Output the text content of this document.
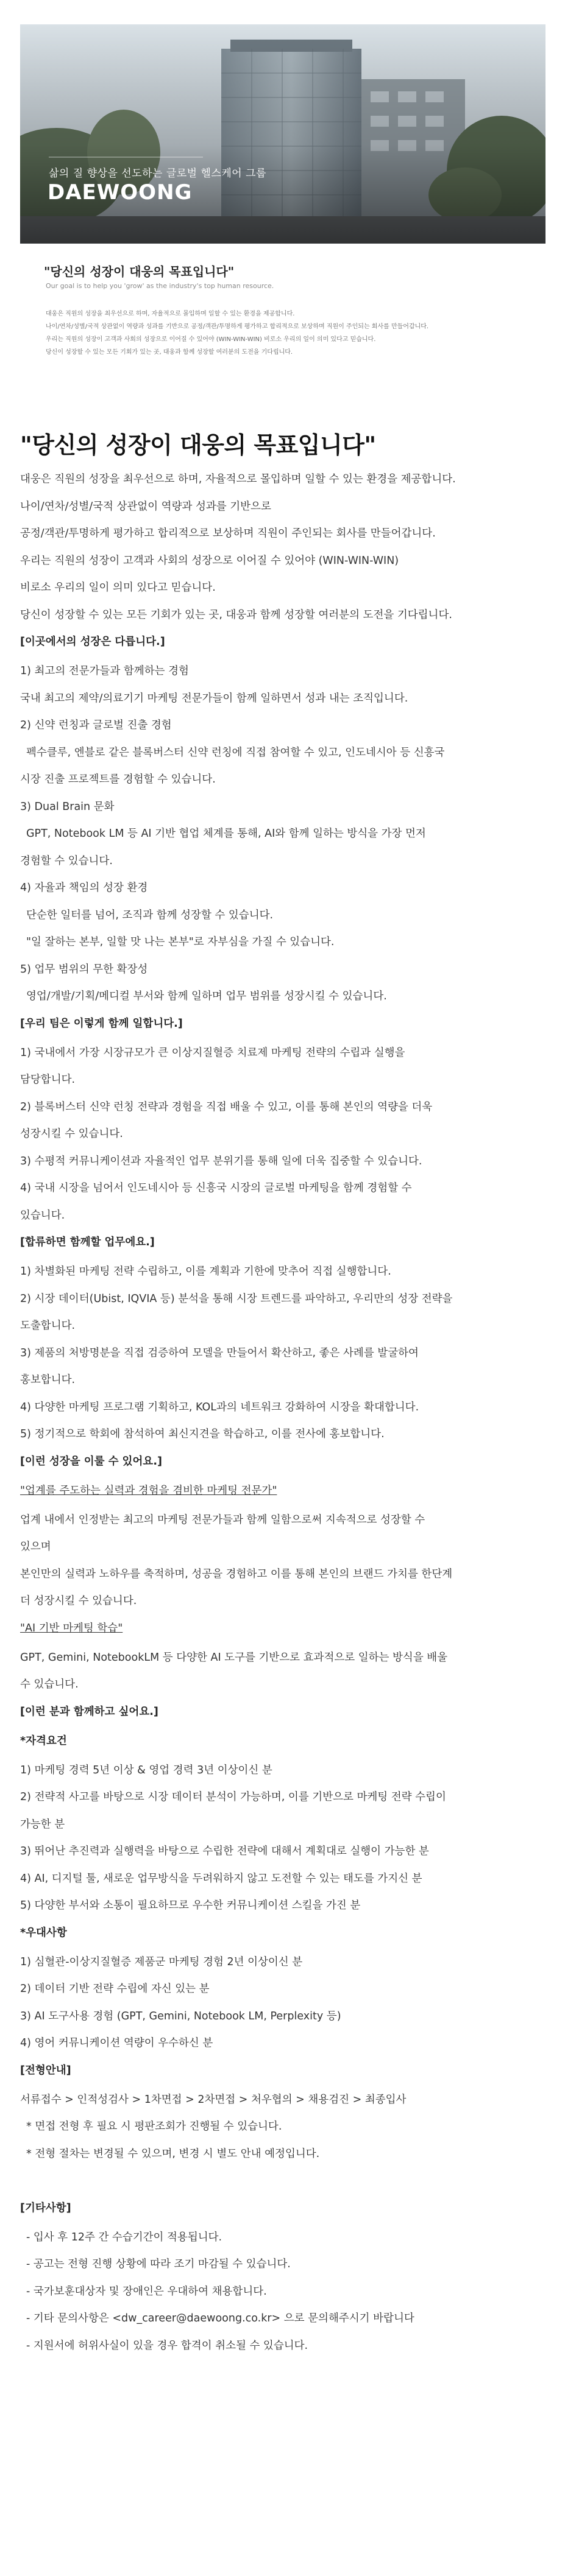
삶의 질 향상을 선도하는 글로벌 헬스케어 그룹
DAEWOONG
"당신의 성장이 대웅의 목표입니다"
Our goal is to help you 'grow' as the industry's top human resource.
대웅은 직원의 성장을 최우선으로 하며, 자율적으로 몰입하며 일할 수 있는 환경을 제공합니다.
나이/연차/성별/국적 상관없이 역량과 성과를 기반으로 공정/객관/투명하게 평가하고 합리적으로 보상하며 직원이 주인되는 회사를 만들어갑니다.
우리는 직원의 성장이 고객과 사회의 성장으로 이어질 수 있어야 (WIN-WIN-WIN) 비로소 우리의 일이 의미 있다고 믿습니다.
당신이 성장할 수 있는 모든 기회가 있는 곳, 대웅과 함께 성장할 여러분의 도전을 기다립니다.
"당신의 성장이 대웅의 목표입니다"
대웅은 직원의 성장을 최우선으로 하며, 자율적으로 몰입하며 일할 수 있는 환경을 제공합니다.
나이/연차/성별/국적 상관없이 역량과 성과를 기반으로
공정/객관/투명하게 평가하고 합리적으로 보상하며 직원이 주인되는 회사를 만들어갑니다.
우리는 직원의 성장이 고객과 사회의 성장으로 이어질 수 있어야 (WIN-WIN-WIN)
비로소 우리의 일이 의미 있다고 믿습니다.
당신이 성장할 수 있는 모든 기회가 있는 곳, 대웅과 함께 성장할 여러분의 도전을 기다립니다.
[이곳에서의 성장은 다릅니다.]
1) 최고의 전문가들과 함께하는 경험
국내 최고의 제약/의료기기 마케팅 전문가들이 함께 일하면서 성과 내는 조직입니다.
2) 신약 런칭과 글로벌 진출 경험
펙수클루, 엔블로 같은 블록버스터 신약 런칭에 직접 참여할 수 있고, 인도네시아 등 신흥국
시장 진출 프로젝트를 경험할 수 있습니다.
3) Dual Brain 문화
GPT, Notebook LM 등 AI 기반 협업 체계를 통해, AI와 함께 일하는 방식을 가장 먼저
경험할 수 있습니다.
4) 자율과 책임의 성장 환경
단순한 일터를 넘어, 조직과 함께 성장할 수 있습니다.
"일 잘하는 본부, 일할 맛 나는 본부"로 자부심을 가질 수 있습니다.
5) 업무 범위의 무한 확장성
영업/개발/기획/메디컬 부서와 함께 일하며 업무 범위를 성장시킬 수 있습니다.
[우리 팀은 이렇게 함께 일합니다.]
1) 국내에서 가장 시장규모가 큰 이상지질혈증 치료제 마케팅 전략의 수립과 실행을
담당합니다.
2) 블록버스터 신약 런칭 전략과 경험을 직접 배울 수 있고, 이를 통해 본인의 역량을 더욱
성장시킬 수 있습니다.
3) 수평적 커뮤니케이션과 자율적인 업무 분위기를 통해 일에 더욱 집중할 수 있습니다.
4) 국내 시장을 넘어서 인도네시아 등 신흥국 시장의 글로벌 마케팅을 함께 경험할 수
있습니다.
[합류하면 함께할 업무에요.]
1) 차별화된 마케팅 전략 수립하고, 이를 계획과 기한에 맞추어 직접 실행합니다.
2) 시장 데이터(Ubist, IQVIA 등) 분석을 통해 시장 트렌드를 파악하고, 우리만의 성장 전략을
도출합니다.
3) 제품의 처방명분을 직접 검증하여 모델을 만들어서 확산하고, 좋은 사례를 발굴하여
홍보합니다.
4) 다양한 마케팅 프로그램 기획하고, KOL과의 네트워크 강화하여 시장을 확대합니다.
5) 정기적으로 학회에 참석하여 최신지견을 학습하고, 이를 전사에 홍보합니다.
[이런 성장을 이룰 수 있어요.]
"업계를 주도하는 실력과 경험을 겸비한 마케팅 전문가"
업계 내에서 인정받는 최고의 마케팅 전문가들과 함께 일함으로써 지속적으로 성장할 수
있으며
본인만의 실력과 노하우를 축적하며, 성공을 경험하고 이를 통해 본인의 브랜드 가치를 한단계
더 성장시킬 수 있습니다.
"AI 기반 마케팅 학습"
GPT, Gemini, NotebookLM 등 다양한 AI 도구를 기반으로 효과적으로 일하는 방식을 배울
수 있습니다.
[이런 분과 함께하고 싶어요.]
*자격요건
1) 마케팅 경력 5년 이상 & 영업 경력 3년 이상이신 분
2) 전략적 사고를 바탕으로 시장 데이터 분석이 가능하며, 이를 기반으로 마케팅 전략 수립이
가능한 분
3) 뛰어난 추진력과 실행력을 바탕으로 수립한 전략에 대해서 계획대로 실행이 가능한 분
4) AI, 디지털 툴, 새로운 업무방식을 두려워하지 않고 도전할 수 있는 태도를 가지신 분
5) 다양한 부서와 소통이 필요하므로 우수한 커뮤니케이션 스킬을 가진 분
*우대사항
1) 심혈관-이상지질혈증 제품군 마케팅 경험 2년 이상이신 분
2) 데이터 기반 전략 수립에 자신 있는 분
3) AI 도구사용 경험 (GPT, Gemini, Notebook LM, Perplexity 등)
4) 영어 커뮤니케이션 역량이 우수하신 분
[전형안내]
서류접수 > 인적성검사 > 1차면접 > 2차면접 > 처우협의 > 채용검진 > 최종입사
* 면접 전형 후 필요 시 평판조회가 진행될 수 있습니다.
* 전형 절차는 변경될 수 있으며, 변경 시 별도 안내 예정입니다.
[기타사항]
- 입사 후 12주 간 수습기간이 적용됩니다.
- 공고는 전형 진행 상황에 따라 조기 마감될 수 있습니다.
- 국가보훈대상자 및 장애인은 우대하여 채용합니다.
- 기타 문의사항은 <dw_career@daewoong.co.kr> 으로 문의해주시기 바랍니다
- 지원서에 허위사실이 있을 경우 합격이 취소될 수 있습니다.
